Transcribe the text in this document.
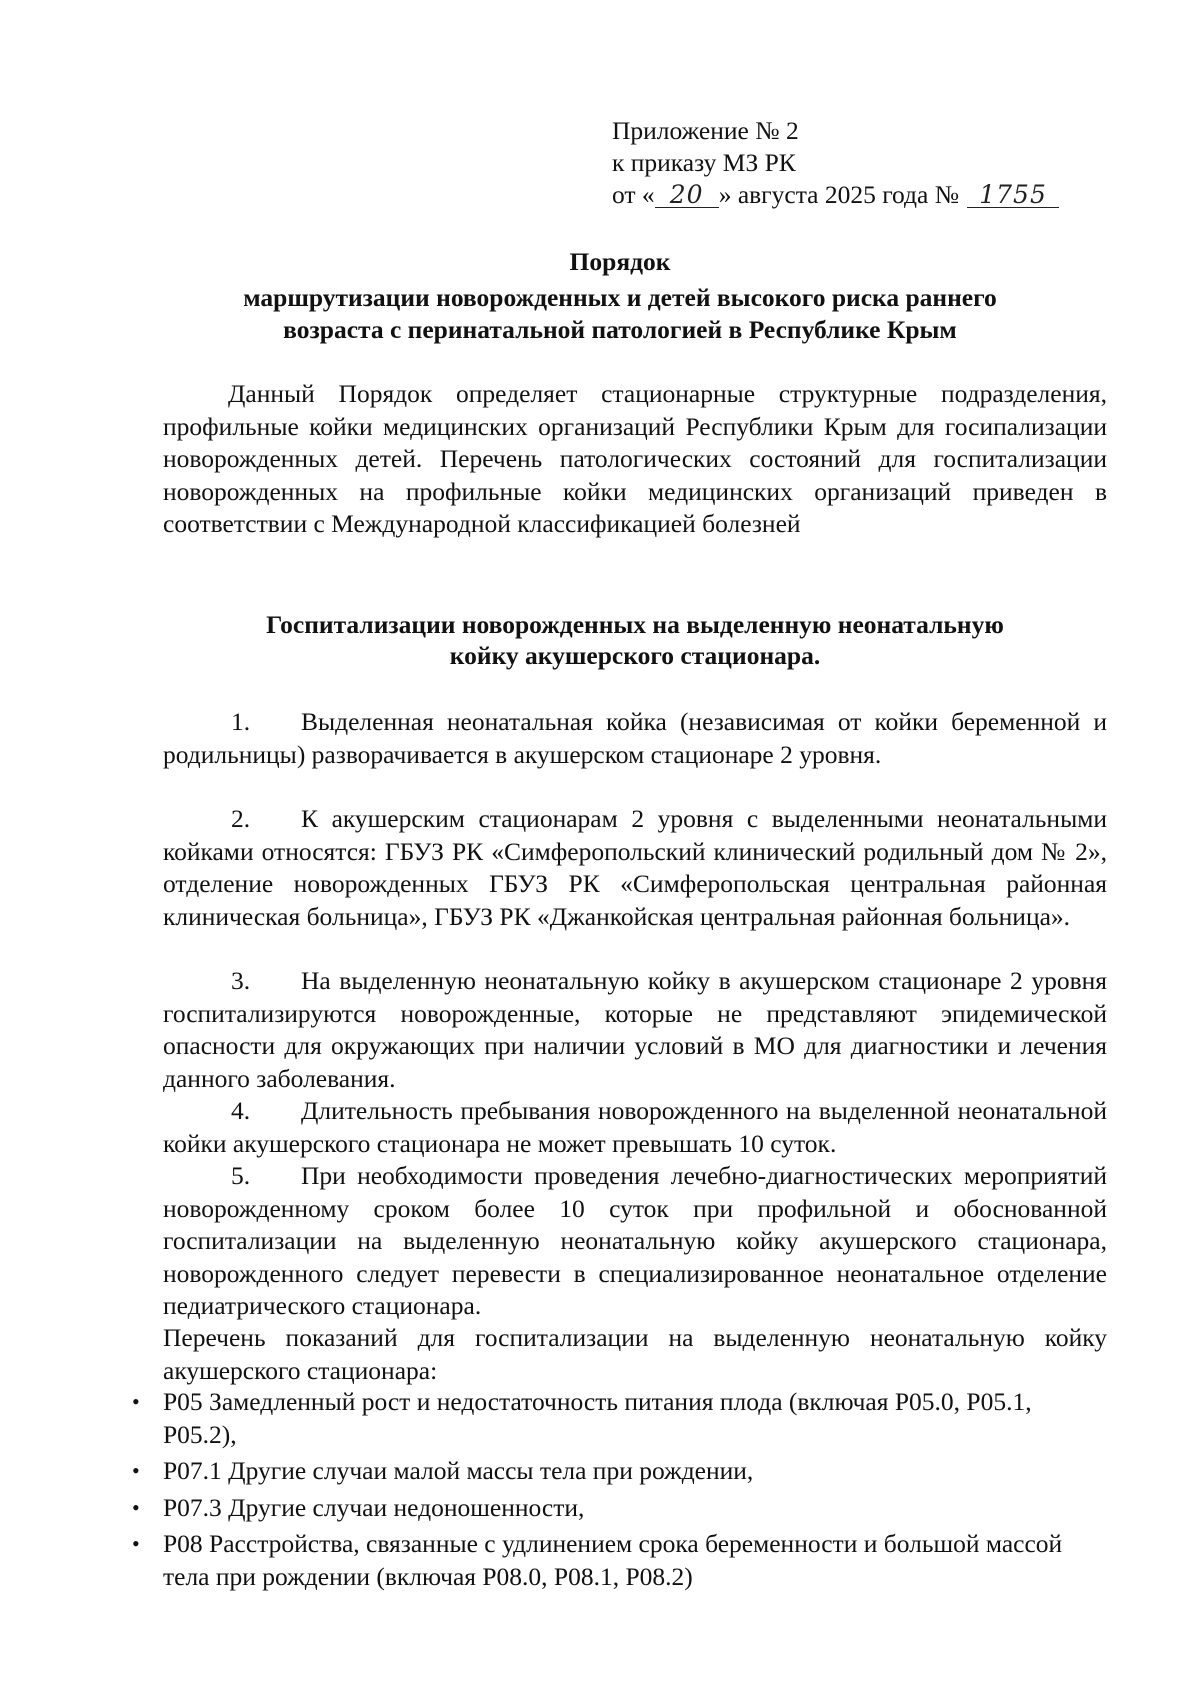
Приложение № 2
к приказу МЗ РК
от « 20 » августа 2025 года № 1755
Порядок
маршрутизации новорожденных и детей высокого риска раннего
возраста с перинатальной патологией в Республике Крым
Данный Порядок определяет стационарные структурные подразделения, профильные койки медицинских организаций Республики Крым для госипализации новорожденных детей. Перечень патологических состояний для госпитализации новорожденных на профильные койки медицинских организаций приведен в соответствии с Международной классификацией болезней
Госпитализации новорожденных на выделенную неонатальную
койку акушерского стационара.
1. Выделенная неонатальная койка (независимая от койки беременной и родильницы) разворачивается в акушерском стационаре 2 уровня.
2. К акушерским стационарам 2 уровня с выделенными неонатальными койками относятся: ГБУЗ РК «Симферопольский клинический родильный дом № 2», отделение новорожденных ГБУЗ РК «Симферопольская центральная районная клиническая больница», ГБУЗ РК «Джанкойская центральная районная больница».
3. На выделенную неонатальную койку в акушерском стационаре 2 уровня госпитализируются новорожденные, которые не представляют эпидемической опасности для окружающих при наличии условий в МО для диагностики и лечения данного заболевания.
4. Длительность пребывания новорожденного на выделенной неонатальной койки акушерского стационара не может превышать 10 суток.
5. При необходимости проведения лечебно-диагностических мероприятий новорожденному сроком более 10 суток при профильной и обоснованной госпитализации на выделенную неонатальную койку акушерского стационара, новорожденного следует перевести в специализированное неонатальное отделение педиатрического стационара.
Перечень показаний для госпитализации на выделенную неонатальную койку акушерского стационара:
• Р05 Замедленный рост и недостаточность питания плода (включая Р05.0, Р05.1, Р05.2),
• Р07.1 Другие случаи малой массы тела при рождении,
• Р07.3 Другие случаи недоношенности,
• Р08 Расстройства, связанные с удлинением срока беременности и большой массой тела при рождении (включая Р08.0, Р08.1, Р08.2)
